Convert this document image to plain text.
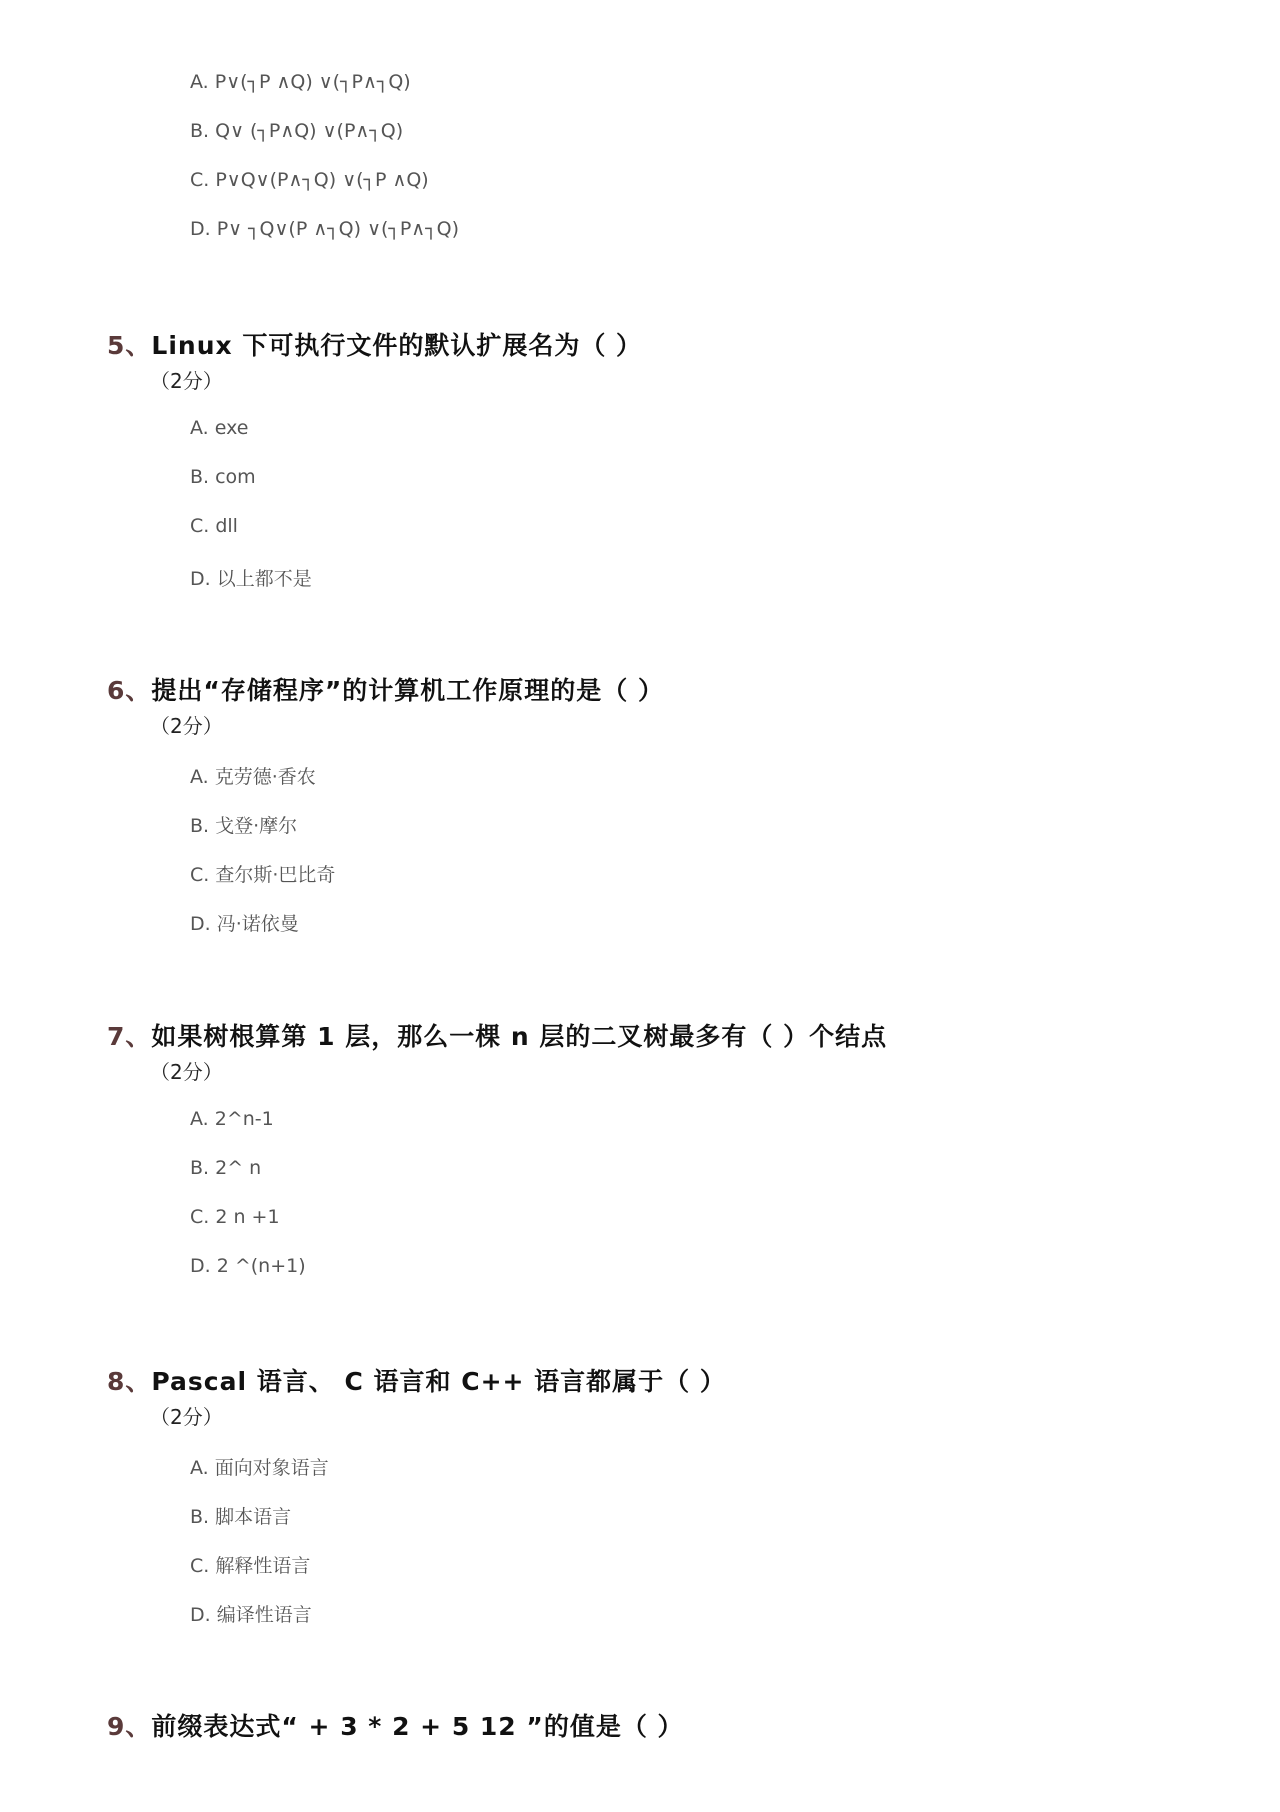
A. P∨(┐P ∧Q) ∨(┐P∧┐Q)
B. Q∨ (┐P∧Q) ∨(P∧┐Q)
C. P∨Q∨(P∧┐Q) ∨(┐P ∧Q)
D. P∨ ┐Q∨(P ∧┐Q) ∨(┐P∧┐Q)
5、Linux 下可执行文件的默认扩展名为（ ）
（2分）
A. exe
B. com
C. dll
D. 以上都不是
6、提出“存储程序”的计算机工作原理的是（ ）
（2分）
A. 克劳德·香农
B. 戈登·摩尔
C. 查尔斯·巴比奇
D. 冯·诺依曼
7、如果树根算第 1 层，那么一棵 n 层的二叉树最多有（ ）个结点
（2分）
A. 2^n-1
B. 2^ n
C. 2 n +1
D. 2 ^(n+1)
8、Pascal 语言、 C 语言和 C++ 语言都属于（ ）
（2分）
A. 面向对象语言
B. 脚本语言
C. 解释性语言
D. 编译性语言
9、前缀表达式“ + 3 * 2 + 5 12 ”的值是（ ）
